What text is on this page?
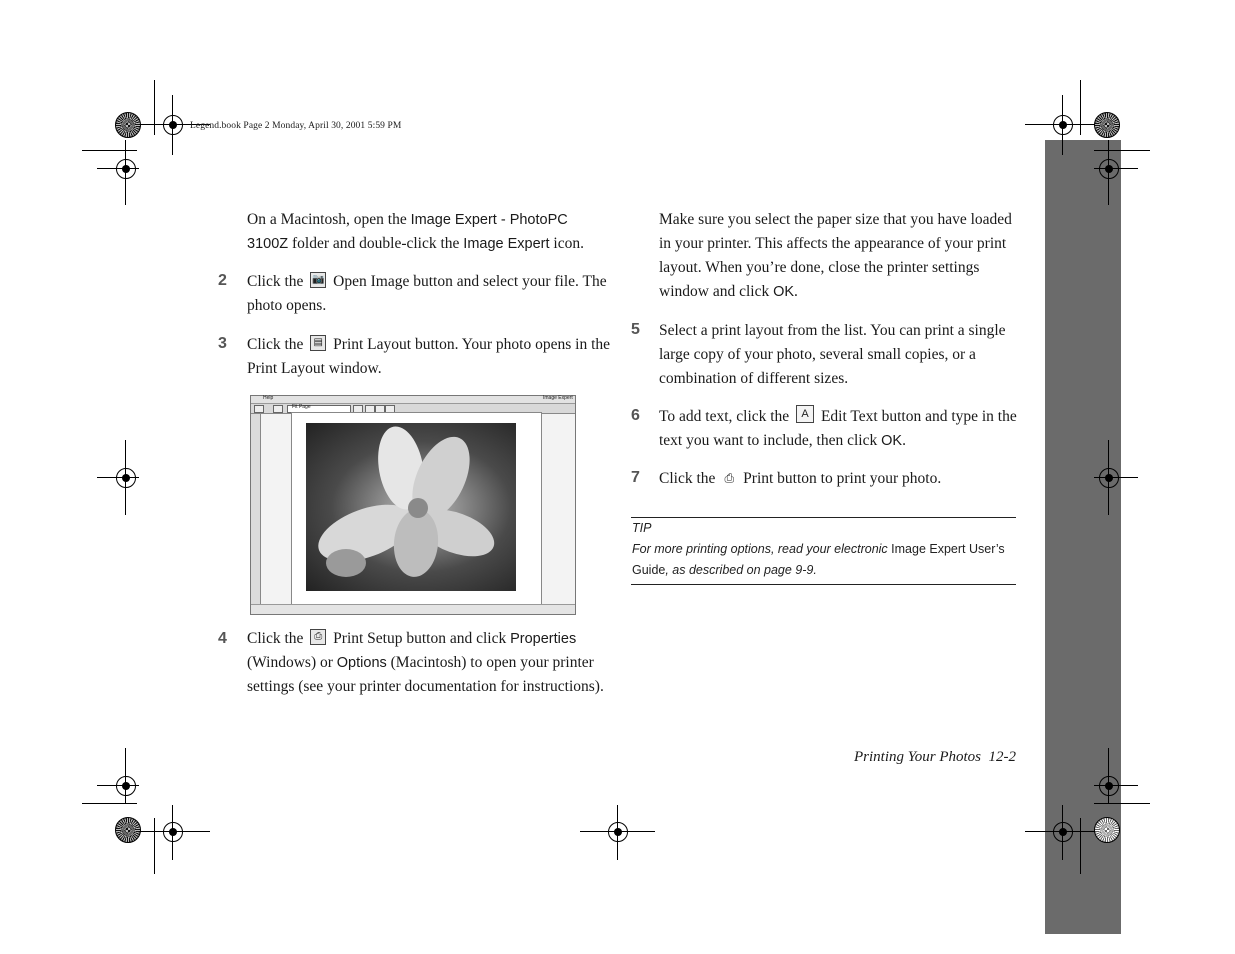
Legend.book Page 2 Monday, April 30, 2001 5:59 PM
On a Macintosh, open the Image Expert - PhotoPC 3100Z folder and double-click the Image Expert icon.
2 Click the 📷 Open Image button and select your file. The photo opens.
3 Click the ▤ Print Layout button. Your photo opens in the Print Layout window.
Help	Image Expert
Fit Page
4 Click the	⎙ Print Setup button and click Properties (Windows) or Options (Macintosh) to open your printer settings (see your printer documentation for instructions).
Make sure you select the paper size that you have loaded in your printer. This affects the appearance of your print layout. When you’re done, close the printer settings window and click OK.
5 Select a print layout from the list. You can print a single large copy of your photo, several small copies, or a combination of different sizes.
6 To add text, click the	A Edit Text button and type in the text you want to include, then click OK.
7 Click the ⎙ Print button to print your photo.
TIP
For more printing options, read your electronic Image Expert User’s Guide, as described on page 9-9.
Printing Your Photos 12-2
